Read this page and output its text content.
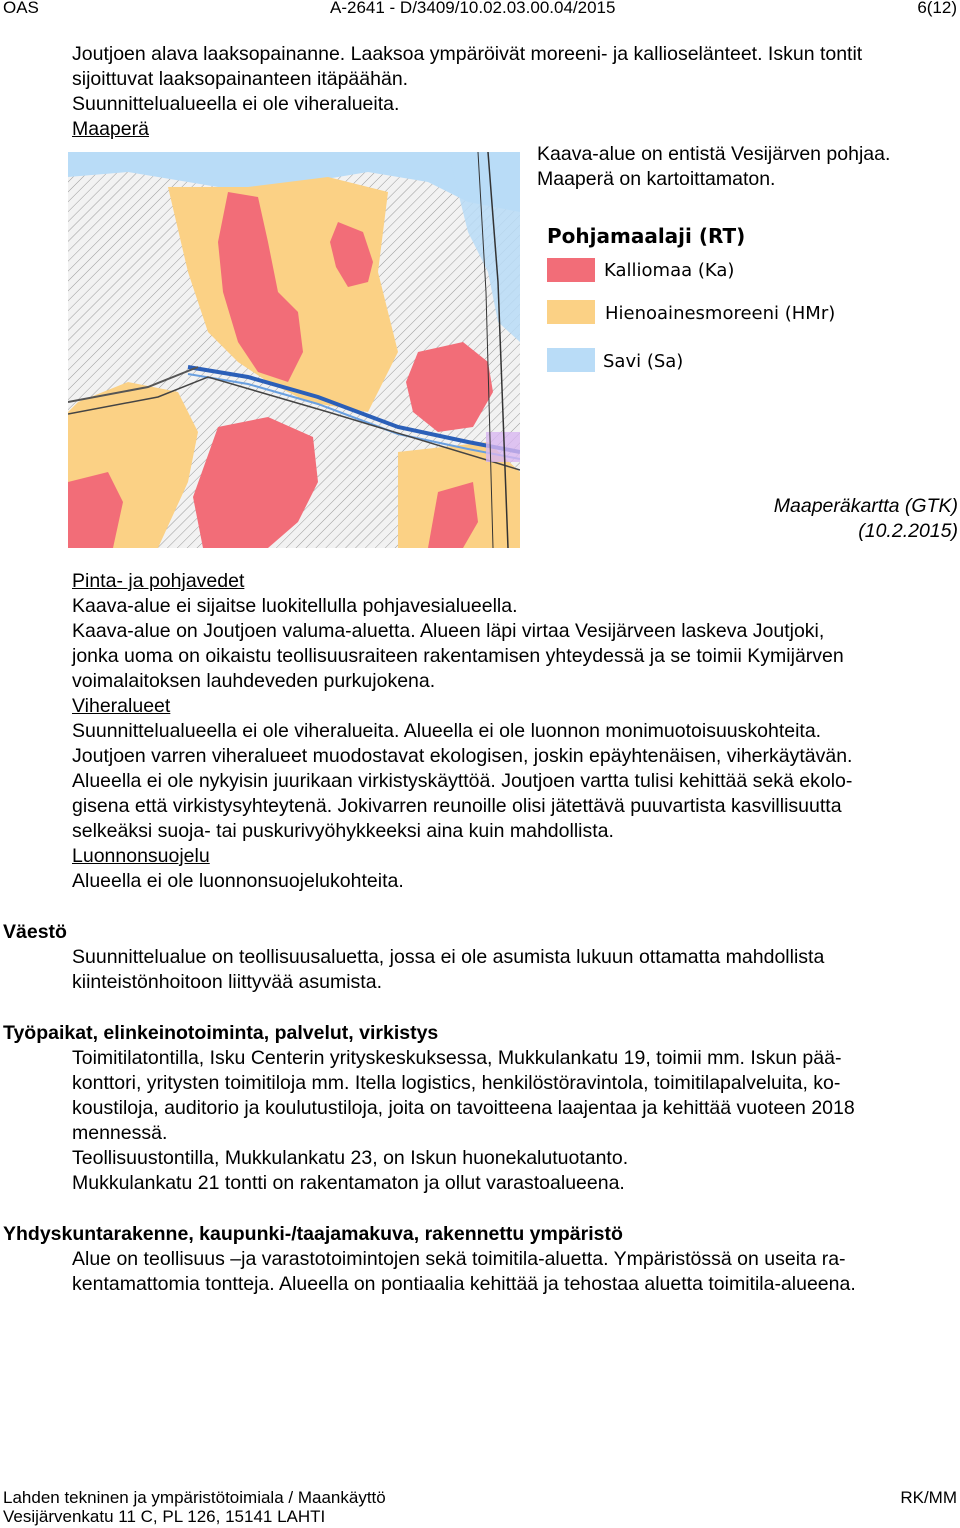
OAS	A-2641 - D/3409/10.02.03.00.04/2015	6(12)
Joutjoen alava laaksopainanne. Laaksoa ympäröivät moreeni- ja kallioselänteet. Iskun tontit
sijoittuvat laaksopainanteen itäpäähän.
Suunnittelualueella ei ole viheralueita.
Maaperä
Kaava-alue on entistä Vesijärven pohjaa.
Maaperä on kartoittamaton.
Pohjamaalaji (RT)
Kalliomaa (Ka)
Hienoainesmoreeni (HMr)
Savi (Sa)
Maaperäkartta (GTK)
(10.2.2015)
Pinta- ja pohjavedet
Kaava-alue ei sijaitse luokitellulla pohjavesialueella.
Kaava-alue on Joutjoen valuma-aluetta. Alueen läpi virtaa Vesijärveen laskeva Joutjoki,
jonka uoma on oikaistu teollisuusraiteen rakentamisen yhteydessä ja se toimii Kymijärven
voimalaitoksen lauhdeveden purkujokena.
Viheralueet
Suunnittelualueella ei ole viheralueita. Alueella ei ole luonnon monimuotoisuuskohteita.
Joutjoen varren viheralueet muodostavat ekologisen, joskin epäyhtenäisen, viherkäytävän.
Alueella ei ole nykyisin juurikaan virkistyskäyttöä. Joutjoen vartta tulisi kehittää sekä ekolo-
gisena että virkistysyhteytenä. Jokivarren reunoille olisi jätettävä puuvartista kasvillisuutta
selkeäksi suoja- tai puskurivyöhykkeeksi aina kuin mahdollista.
Luonnonsuojelu
Alueella ei ole luonnonsuojelukohteita.
Väestö
Suunnittelualue on teollisuusaluetta, jossa ei ole asumista lukuun ottamatta mahdollista
kiinteistönhoitoon liittyvää asumista.
Työpaikat, elinkeinotoiminta, palvelut, virkistys
Toimitilatontilla, Isku Centerin yrityskeskuksessa, Mukkulankatu 19, toimii mm. Iskun pää-
konttori, yritysten toimitiloja mm. Itella logistics, henkilöstöravintola, toimitilapalveluita, ko-
koustiloja, auditorio ja koulutustiloja, joita on tavoitteena laajentaa ja kehittää vuoteen 2018
mennessä.
Teollisuustontilla, Mukkulankatu 23, on Iskun huonekalutuotanto.
Mukkulankatu 21 tontti on rakentamaton ja ollut varastoalueena.
Yhdyskuntarakenne, kaupunki-/taajamakuva, rakennettu ympäristö
Alue on teollisuus –ja varastotoimintojen sekä toimitila-aluetta. Ympäristössä on useita ra-
kentamattomia tontteja. Alueella on pontiaalia kehittää ja tehostaa aluetta toimitila-alueena.
Lahden tekninen ja ympäristötoimiala / Maankäyttö
Vesijärvenkatu 11 C, PL 126, 15141 LAHTI
RK/MM
